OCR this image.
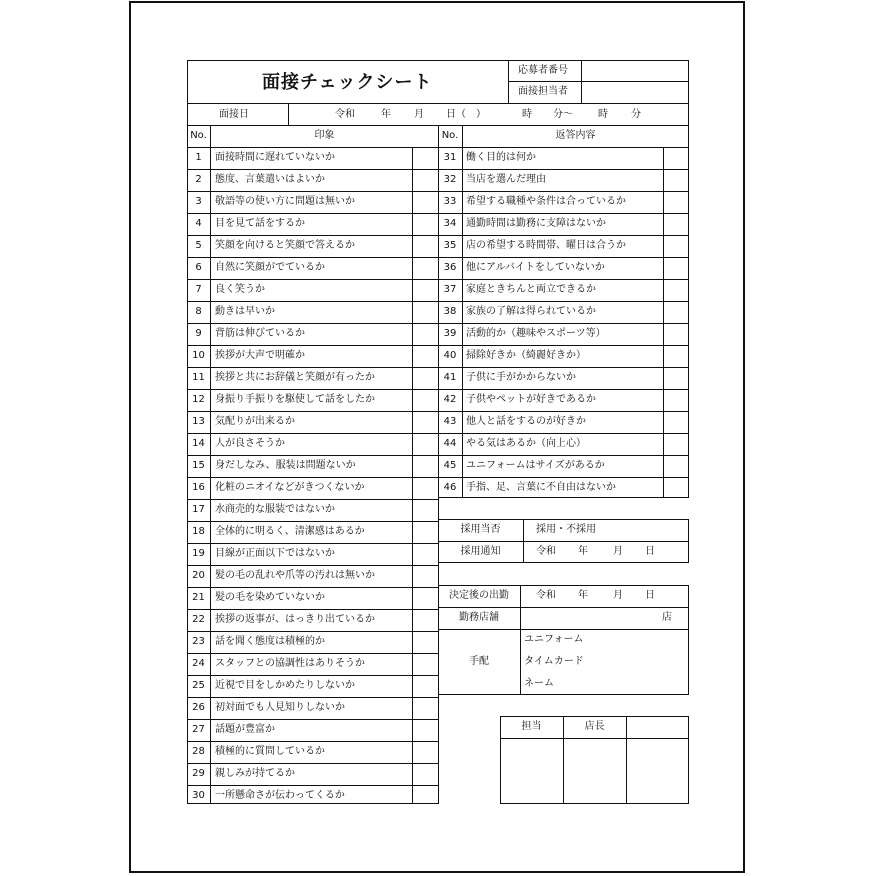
面接チェックシート
応募者番号
面接担当者
面接日	令和	年 月 日（　）	時 分～	時 分
No.	印象
1	面接時間に遅れていないか
2	態度、言葉遣いはよいか
3	敬語等の使い方に問題は無いか
4	目を見て話をするか
5	笑顔を向けると笑顔で答えるか
6	自然に笑顔がでているか
7	良く笑うか
8	動きは早いか
9	背筋は伸びているか
10	挨拶が大声で明確か
11	挨拶と共にお辞儀と笑顔が有ったか
12	身振り手振りを駆使して話をしたか
13	気配りが出来るか
14	人が良さそうか
15	身だしなみ、服装は問題ないか
16	化粧のニオイなどがきつくないか
17	水商売的な服装ではないか
18	全体的に明るく、清潔感はあるか
19	目線が正面以下ではないか
20	髪の毛の乱れや爪等の汚れは無いか
21	髪の毛を染めていないか
22	挨拶の返事が、はっきり出ているか
23	話を聞く態度は積極的か
24	スタッフとの協調性はありそうか
25	近視で目をしかめたりしないか
26	初対面でも人見知りしないか
27	話題が豊富か
28	積極的に質問しているか
29	親しみが持てるか
30	一所懸命さが伝わってくるか
No.	返答内容
31 働く目的は何か
32 当店を選んだ理由
33 希望する職種や条件は合っているか
34 通勤時間は勤務に支障はないか
35 店の希望する時間帯、曜日は合うか
36 他にアルバイトをしていないか
37 家庭ときちんと両立できるか
38 家族の了解は得られているか
39 活動的か（趣味やスポーツ等）
40 掃除好きか（綺麗好きか）
41 子供に手がかからないか
42 子供やペットが好きであるか
43 他人と話をするのが好きか
44 やる気はあるか（向上心）
45 ユニフォームはサイズがあるか
46 手指、足、言葉に不自由はないか
採用当否	採用・不採用
採用通知	令和 年	月 日
決定後の出勤	令和 年	月 日
勤務店舗	店
手配
ユニフォーム
タイムカード
ネーム
担当	店長
